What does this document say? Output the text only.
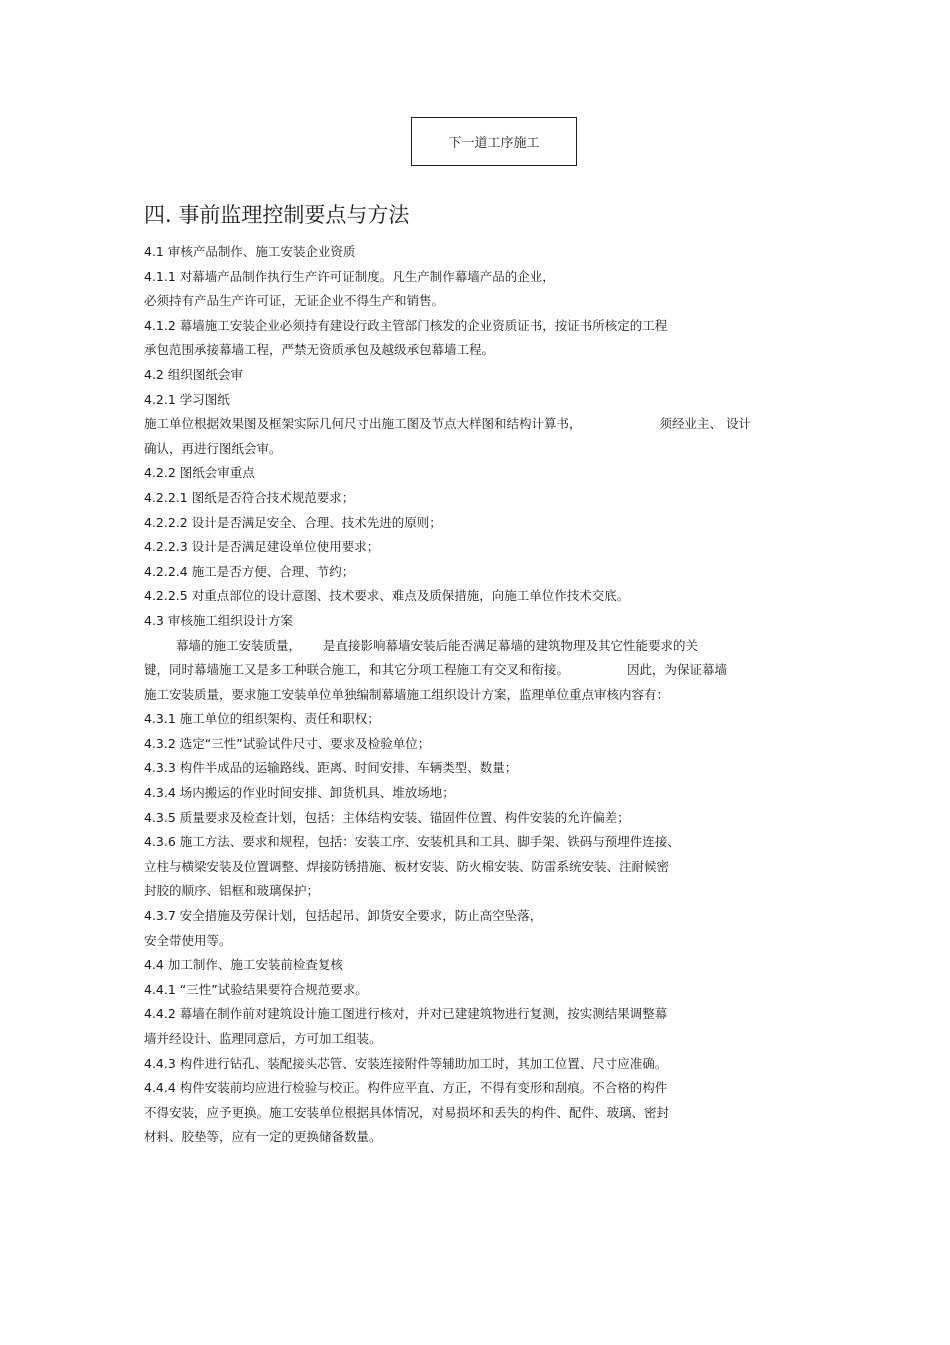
下一道工序施工
四. 事前监理控制要点与方法
4.1 审核产品制作、施工安装企业资质
4.1.1 对幕墙产品制作执行生产许可证制度。凡生产制作幕墙产品的企业，
必须持有产品生产许可证，无证企业不得生产和销售。
4.1.2 幕墙施工安装企业必须持有建设行政主管部门核发的企业资质证书，按证书所核定的工程
承包范围承接幕墙工程，严禁无资质承包及越级承包幕墙工程。
4.2 组织图纸会审
4.2.1 学习图纸
施工单位根据效果图及框架实际几何尺寸出施工图及节点大样图和结构计算书，	须经业主、 设计
确认，再进行图纸会审。
4.2.2 图纸会审重点
4.2.2.1 图纸是否符合技术规范要求；
4.2.2.2 设计是否满足安全、合理、技术先进的原则；
4.2.2.3 设计是否满足建设单位使用要求；
4.2.2.4 施工是否方便、合理、节约；
4.2.2.5 对重点部位的设计意图、技术要求、难点及质保措施，向施工单位作技术交底。
4.3 审核施工组织设计方案
幕墙的施工安装质量， 是直接影响幕墙安装后能否满足幕墙的建筑物理及其它性能要求的关
键，同时幕墙施工又是多工种联合施工，和其它分项工程施工有交叉和衔接。	因此，为保证幕墙
施工安装质量，要求施工安装单位单独编制幕墙施工组织设计方案，监理单位重点审核内容有：
4.3.1 施工单位的组织架构、责任和职权；
4.3.2 选定“三性”试验试件尺寸、要求及检验单位；
4.3.3 构件半成品的运输路线、距离、时间安排、车辆类型、数量；
4.3.4 场内搬运的作业时间安排、卸货机具、堆放场地；
4.3.5 质量要求及检查计划，包括：主体结构安装、锚固件位置、构件安装的允许偏差；
4.3.6 施工方法、要求和规程，包括：安装工序、安装机具和工具、脚手架、铁码与预埋件连接、
立柱与横梁安装及位置调整、焊接防锈措施、板材安装、防火棉安装、防雷系统安装、注耐候密
封胶的顺序、铝框和玻璃保护；
4.3.7 安全措施及劳保计划，包括起吊、卸货安全要求，防止高空坠落，
安全带使用等。
4.4 加工制作、施工安装前检查复核
4.4.1 “三性”试验结果要符合规范要求。
4.4.2 幕墙在制作前对建筑设计施工图进行核对，并对已建建筑物进行复测，按实测结果调整幕
墙并经设计、监理同意后，方可加工组装。
4.4.3 构件进行钻孔、装配接头芯管、安装连接附件等辅助加工时，其加工位置、尺寸应准确。
4.4.4 构件安装前均应进行检验与校正。构件应平直、方正，不得有变形和刮痕。不合格的构件
不得安装，应予更换。施工安装单位根据具体情况，对易损坏和丢失的构件、配件、玻璃、密封
材料、胶垫等，应有一定的更换储备数量。
